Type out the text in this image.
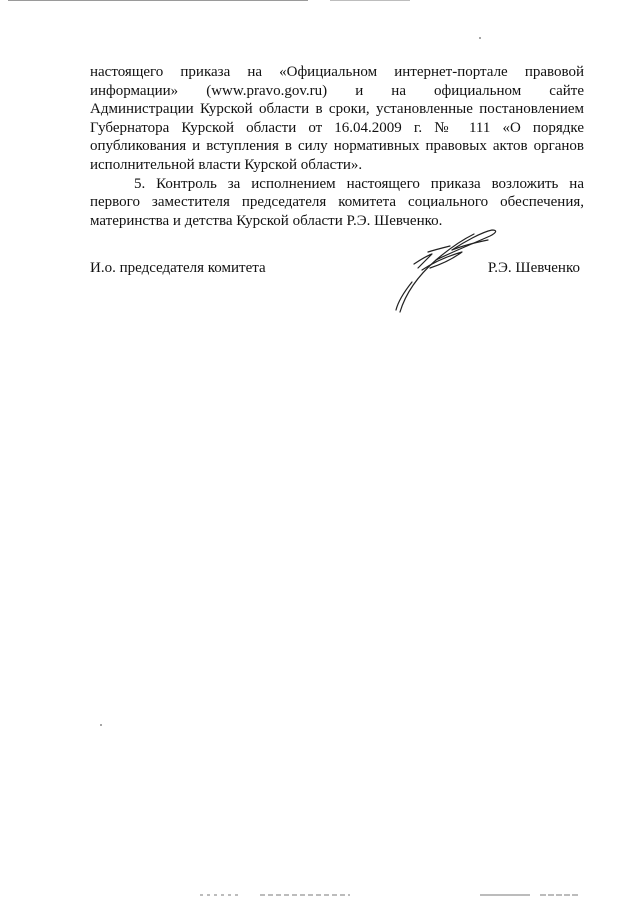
настоящего приказа на «Официальном интернет-портале правовой
информации» (www.pravo.gov.ru) и на официальном сайте
Администрации Курской области в сроки, установленные постановлением
Губернатора Курской области от 16.04.2009 г. № 111 «О порядке
опубликования и вступления в силу нормативных правовых актов органов
исполнительной власти Курской области».

5. Контроль за исполнением настоящего приказа возложить на
первого заместителя председателя комитета социального обеспечения,
материнства и детства Курской области Р.Э. Шевченко.

И.о. председателя комитета	Р.Э. Шевченко
